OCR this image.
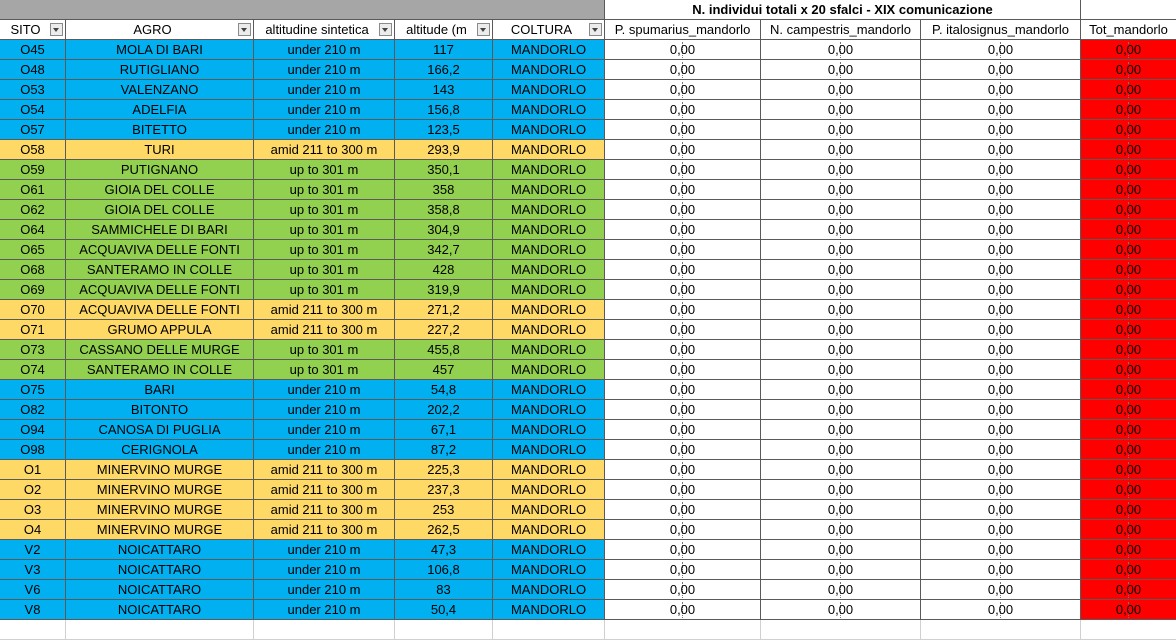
N. individui totali x 20 sfalci - XIX comunicazione
SITO	AGRO	altitudine sintetica	altitude (m	COLTURA	P. spumarius_mandorlo	N. campestris_mandorlo	P. italosignus_mandorlo	Tot_mandorlo
O45	MOLA DI BARI	under 210 m	117	MANDORLO	0,00	0,00	0,00	0,00
O48	RUTIGLIANO	under 210 m	166,2	MANDORLO	0,00	0,00	0,00	0,00
O53	VALENZANO	under 210 m	143	MANDORLO	0,00	0,00	0,00	0,00
O54	ADELFIA	under 210 m	156,8	MANDORLO	0,00	0,00	0,00	0,00
O57	BITETTO	under 210 m	123,5	MANDORLO	0,00	0,00	0,00	0,00
O58	TURI	amid 211 to 300 m	293,9	MANDORLO	0,00	0,00	0,00	0,00
O59	PUTIGNANO	up to 301 m	350,1	MANDORLO	0,00	0,00	0,00	0,00
O61	GIOIA DEL COLLE	up to 301 m	358	MANDORLO	0,00	0,00	0,00	0,00
O62	GIOIA DEL COLLE	up to 301 m	358,8	MANDORLO	0,00	0,00	0,00	0,00
O64	SAMMICHELE DI BARI	up to 301 m	304,9	MANDORLO	0,00	0,00	0,00	0,00
O65	ACQUAVIVA DELLE FONTI	up to 301 m	342,7	MANDORLO	0,00	0,00	0,00	0,00
O68	SANTERAMO IN COLLE	up to 301 m	428	MANDORLO	0,00	0,00	0,00	0,00
O69	ACQUAVIVA DELLE FONTI	up to 301 m	319,9	MANDORLO	0,00	0,00	0,00	0,00
O70	ACQUAVIVA DELLE FONTI	amid 211 to 300 m	271,2	MANDORLO	0,00	0,00	0,00	0,00
O71	GRUMO APPULA	amid 211 to 300 m	227,2	MANDORLO	0,00	0,00	0,00	0,00
O73	CASSANO DELLE MURGE	up to 301 m	455,8	MANDORLO	0,00	0,00	0,00	0,00
O74	SANTERAMO IN COLLE	up to 301 m	457	MANDORLO	0,00	0,00	0,00	0,00
O75	BARI	under 210 m	54,8	MANDORLO	0,00	0,00	0,00	0,00
O82	BITONTO	under 210 m	202,2	MANDORLO	0,00	0,00	0,00	0,00
O94	CANOSA DI PUGLIA	under 210 m	67,1	MANDORLO	0,00	0,00	0,00	0,00
O98	CERIGNOLA	under 210 m	87,2	MANDORLO	0,00	0,00	0,00	0,00
O1	MINERVINO MURGE	amid 211 to 300 m	225,3	MANDORLO	0,00	0,00	0,00	0,00
O2	MINERVINO MURGE	amid 211 to 300 m	237,3	MANDORLO	0,00	0,00	0,00	0,00
O3	MINERVINO MURGE	amid 211 to 300 m	253	MANDORLO	0,00	0,00	0,00	0,00
O4	MINERVINO MURGE	amid 211 to 300 m	262,5	MANDORLO	0,00	0,00	0,00	0,00
V2	NOICATTARO	under 210 m	47,3	MANDORLO	0,00	0,00	0,00	0,00
V3	NOICATTARO	under 210 m	106,8	MANDORLO	0,00	0,00	0,00	0,00
V6	NOICATTARO	under 210 m	83	MANDORLO	0,00	0,00	0,00	0,00
V8	NOICATTARO	under 210 m	50,4	MANDORLO	0,00	0,00	0,00	0,00
